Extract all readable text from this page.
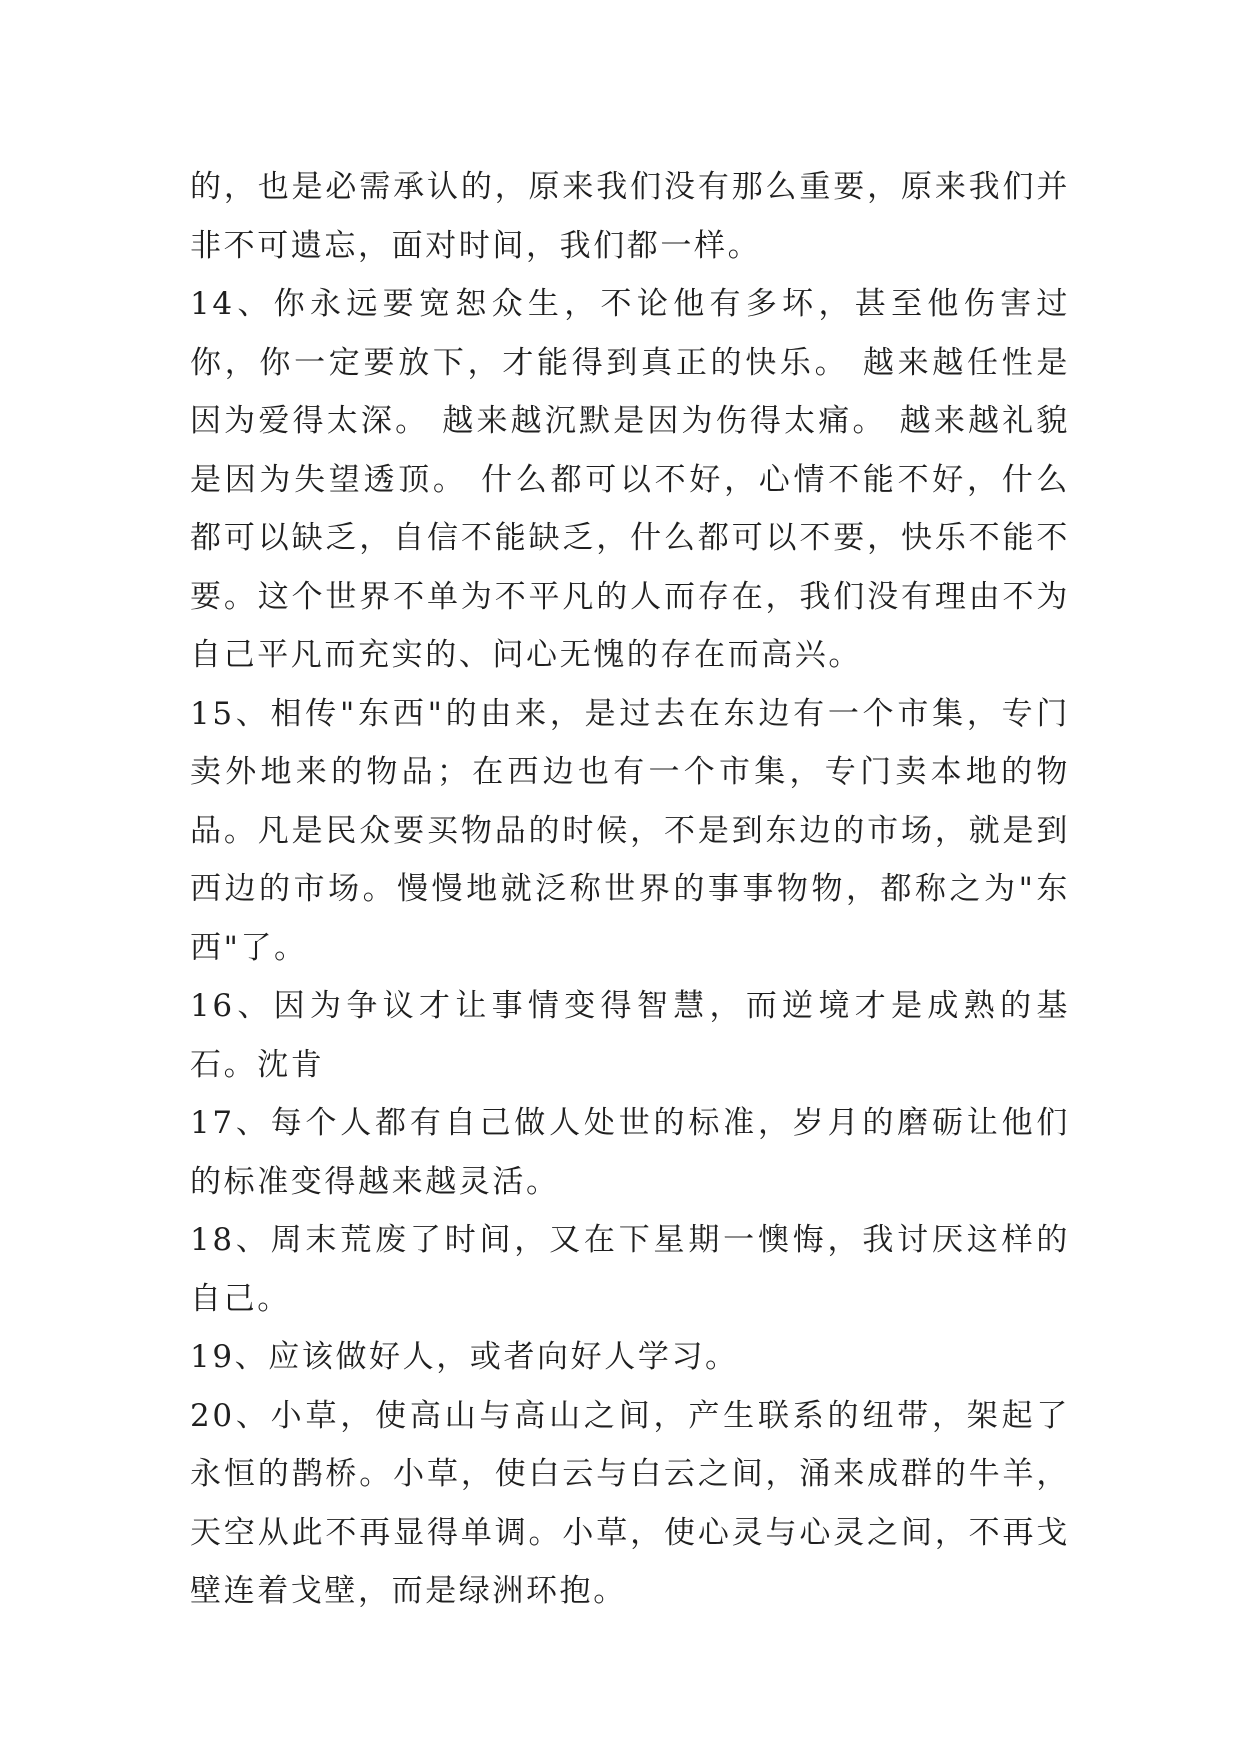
的，也是必需承认的，原来我们没有那么重要，原来我们并非不可遗忘，面对时间，我们都一样。

14、你永远要宽恕众生，不论他有多坏，甚至他伤害过你，你一定要放下，才能得到真正的快乐。 越来越任性是因为爱得太深。 越来越沉默是因为伤得太痛。 越来越礼貌是因为失望透顶。 什么都可以不好，心情不能不好，什么都可以缺乏，自信不能缺乏，什么都可以不要，快乐不能不要。这个世界不单为不平凡的人而存在，我们没有理由不为自己平凡而充实的、问心无愧的存在而高兴。

15、相传"东西"的由来，是过去在东边有一个市集，专门卖外地来的物品；在西边也有一个市集，专门卖本地的物品。凡是民众要买物品的时候，不是到东边的市场，就是到西边的市场。慢慢地就泛称世界的事事物物，都称之为"东西"了。

16、因为争议才让事情变得智慧，而逆境才是成熟的基石。沈肯

17、每个人都有自己做人处世的标准，岁月的磨砺让他们的标准变得越来越灵活。

18、周末荒废了时间，又在下星期一懊悔，我讨厌这样的自己。

19、应该做好人，或者向好人学习。

20、小草，使高山与高山之间，产生联系的纽带，架起了永恒的鹊桥。小草，使白云与白云之间，涌来成群的牛羊，天空从此不再显得单调。小草，使心灵与心灵之间，不再戈壁连着戈壁，而是绿洲环抱。
